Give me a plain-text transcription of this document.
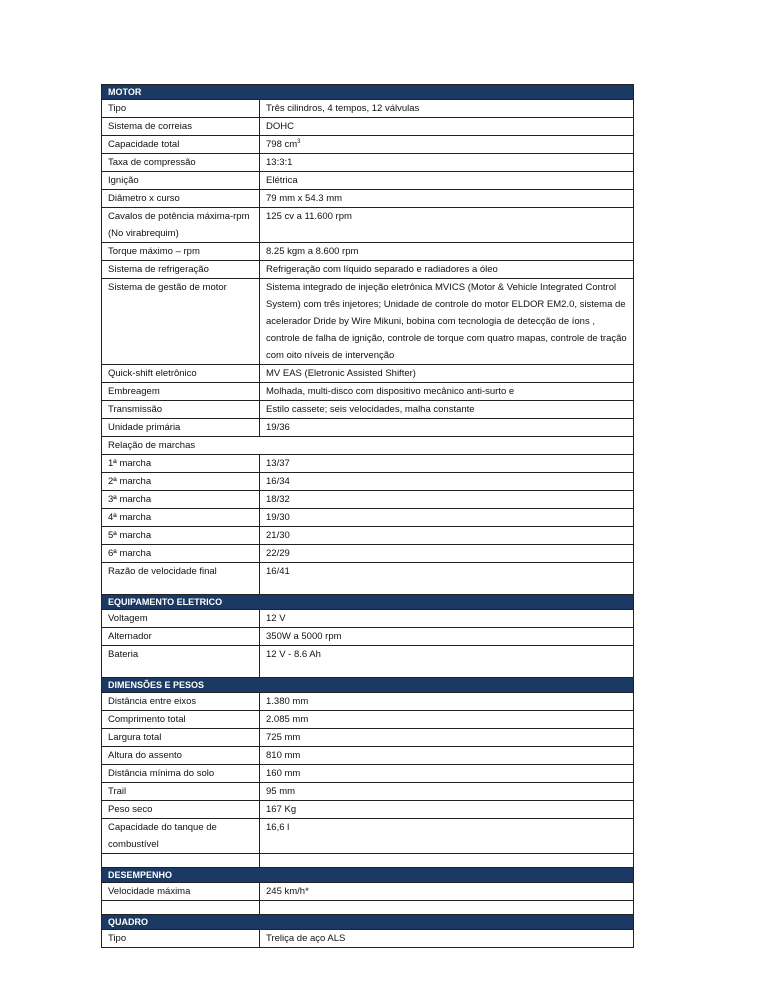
MOTOR	
Tipo	Três cilindros, 4 tempos, 12 válvulas
Sistema de correias	DOHC
Capacidade total	798 $cm^3$
Taxa de compressão	13:3:1
Ignição	Elétrica
Diâmetro x curso	79 mm x 54.3 mm
Cavalos de potência máxima-rpm
(No virabrequim)	125 cv a 11.600 rpm
Torque máximo – rpm	8.25 kgm a 8.600 rpm
Sistema de refrigeração	Refrigeração com líquido separado e radiadores a óleo
Sistema de gestão de motor	Sistema integrado de injeção eletrônica MVICS (Motor & Vehicle Integrated Control System) com três injetores; Unidade de controle do motor ELDOR EM2.0, sistema de acelerador Dride by Wire Mikuni, bobina com tecnologia de detecção de íons , controle de falha de ignição, controle de torque com quatro mapas, controle de tração com oito níveis de intervenção
Quick-shift eletrônico	MV EAS (Eletronic Assisted Shifter)
Embreagem	Molhada, multi-disco com dispositivo mecânico anti-surto e
Transmissão	Estilo cassete; seis velocidades, malha constante
Unidade primária	19/36
Relação de marchas	
1ª marcha	13/37
2ª marcha	16/34
3ª marcha	18/32
4ª marcha	19/30
5ª marcha	21/30
6ª marcha	22/29
Razão de velocidade final	16/41
EQUIPAMENTO ELETRICO	
Voltagem	12 V
Alternador	350W a 5000 rpm
Bateria	12 V - 8.6 Ah
DIMENSÕES E PESOS	
Distância entre eixos	1.380 mm
Comprimento total	2.085 mm
Largura total	725 mm
Altura do assento	810 mm
Distância mínima do solo	160 mm
Trail	95 mm
Peso seco	167 Kg
Capacidade do tanque de
combustível	16,6 l

DESEMPENHO	
Velocidade máxima	245 km/h*

QUADRO	
Tipo	Treliça de aço ALS
